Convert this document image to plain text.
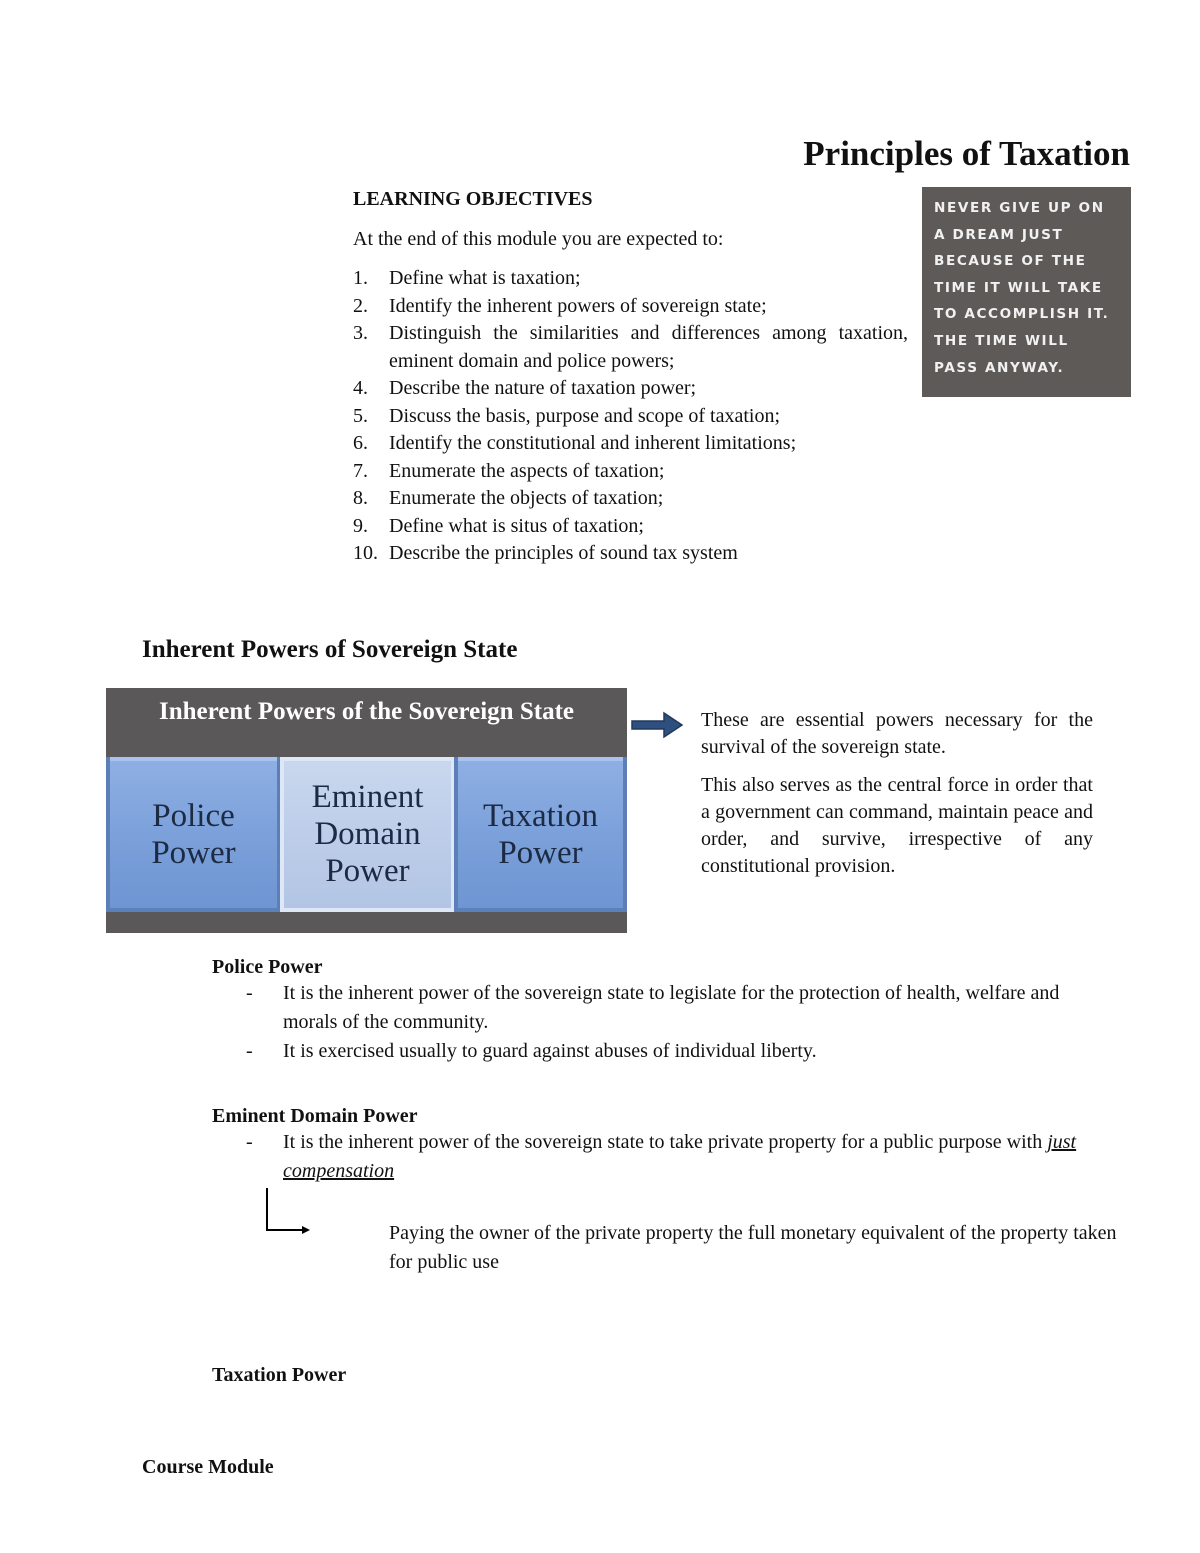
Principles of Taxation
LEARNING OBJECTIVES
At the end of this module you are expected to:
1. Define what is taxation;
2. Identify the inherent powers of sovereign state;
3. Distinguish the similarities and differences among taxation, eminent domain and police powers;
4. Describe the nature of taxation power;
5. Discuss the basis, purpose and scope of taxation;
6. Identify the constitutional and inherent limitations;
7. Enumerate the aspects of taxation;
8. Enumerate the objects of taxation;
9. Define what is situs of taxation;
10. Describe the principles of sound tax system
NEVER GIVE UP ON
A DREAM JUST
BECAUSE OF THE
TIME IT WILL TAKE
TO ACCOMPLISH IT.
THE TIME WILL
PASS ANYWAY.
Inherent Powers of Sovereign State
Inherent Powers of the Sovereign State
Police
Power
Eminent
Domain
Power
Taxation
Power

These are essential powers necessary for the survival of the sovereign state.

This also serves as the central force in order that a government can command, maintain peace and order, and survive, irrespective of any constitutional provision.

Police Power
- It is the inherent power of the sovereign state to legislate for the protection of health, welfare and morals of the community.
- It is exercised usually to guard against abuses of individual liberty.
Eminent Domain Power
- It is the inherent power of the sovereign state to take private property for a public purpose with just compensation
Paying the owner of the private property the full monetary equivalent of the property taken for public use
Taxation Power
Course Module
